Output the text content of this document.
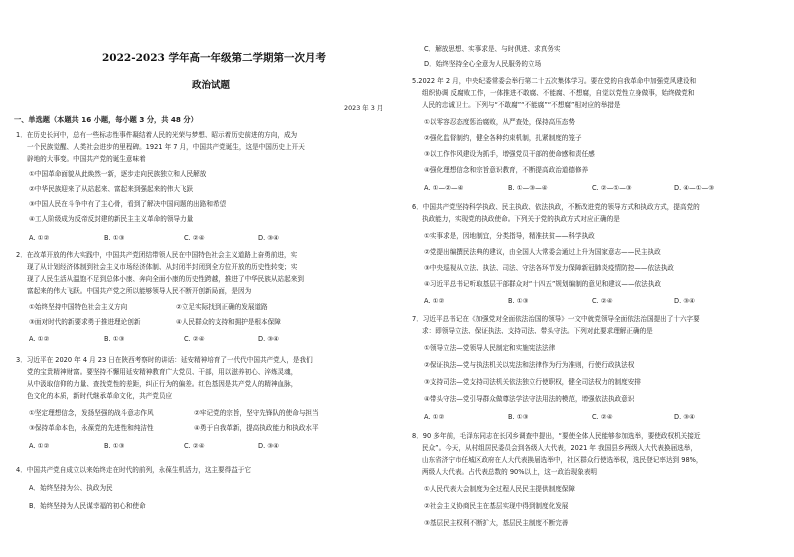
2022-2023 学年高一年级第二学期第一次月考
政治试题
2023 年 3 月
一、单选题（本题共 16 小题，每小题 3 分，共 48 分）
1．在历史长河中，总有一些标志性事件凝结着人民的光荣与梦想、昭示着历史前进的方向，成为
一个民族觉醒、人类社会进步的里程碑。1921 年 7 月，中国共产党诞生，这是中国历史上开天
辟地的大事变。中国共产党的诞生意味着
①中国革命面貌从此焕然一新，逐步走向民族独立和人民解放
②中华民族迎来了从站起来、富起来到强起来的伟大飞跃
③中国人民在斗争中有了主心骨，看到了解决中国问题的出路和希望
④工人阶级成为反帝反封建的新民主主义革命的领导力量
A. ①②	B. ①③	C. ②④	D. ③④
2．在改革开放的伟大实践中，中国共产党团结带领人民在中国特色社会主义道路上奋勇前进，实
现了从计划经济体制到社会主义市场经济体制、从封闭半封闭到全方位开放的历史性转变；实
现了人民生活从温饱不足到总体小康、奔向全面小康的历史性跨越，推进了中华民族从站起来到
富起来的伟大飞跃。中国共产党之所以能够领导人民不断开创新局面，是因为
①始终坚持中国特色社会主义方向	②立足实际找到正确的发展道路
③面对时代的新要求勇于推进理论创新	④人民群众的支持和拥护是根本保障
A. ①②	B. ①③	C. ②④	D. ③④
3．习近平在 2020 年 4 月 23 日在陕西考察时的讲话：延安精神培育了一代代中国共产党人，是我们
党的宝贵精神财富。要坚持不懈用延安精神教育广大党员、干部，用以滋养初心、淬炼灵魂，
从中汲取信仰的力量、查找党性的差距，纠正行为的偏差。红色基因是共产党人的精神血脉，
色文化的本质，新时代继承革命文化，共产党员应
①坚定理想信念，发扬坚强的战斗意志作风	②牢记党的宗旨，坚守先锋队的使命与担当
③保持革命本色，永葆党的先进性和纯洁性	④勇于自我革新，提高执政能力和执政水平
A. ①②	B. ①③	C. ②④	D. ③④
4．中国共产党自成立以来始终走在时代的前列，永葆生机活力，这主要得益于它
A．始终坚持为公、执政为民
B．始终坚持为人民谋幸福的初心和使命
C．解放思想、实事求是、与时俱进、求真务实
D．始终坚持全心全意为人民服务的立场
5.2022 年 2 月，中央纪委常委会举行第二十五次集体学习。要在党的自我革命中加强党风建设和
组织协调 反腐败工作，一体推进不敢腐、不能腐、不想腐，自觉以党性立身做事，始终做党和
人民的忠诚卫士。下列与“不敢腐”“不能腐”“不想腐”相对应的举措是
①以零容忍态度惩治腐败，从严查处，保持高压态势
②强化监督制约，健全各种约束机制，扎紧制度的笼子
③以工作作风建设为抓手，增强党员干部的使命感和责任感
④强化理想信念和宗旨意识教育，不断提高政治道德修养
A. ①—②—④	B. ①—③—④	C. ②—①—③	D. ④—①—③
6．中国共产党坚持科学执政、民主执政、依法执政，不断改进党的领导方式和执政方式，提高党的
执政能力，实现党的执政使命。下列关于党的执政方式对应正确的是
①实事求是，因地制宜，分类指导，精准扶贫——科学执政
②党提出编撰民法典的建议，由全国人大常委会通过上升为国家意志——民主执政
③中央巡视从立法、执法、司法、守法各环节发力保障新冠肺炎疫情防控——依法执政
④习近平总书记听取基层干部群众对“十四五”规划编制的意见和建议——依法执政
A. ①②	B. ①③	C. ②④	D. ③④
7．习近平总书记在《加强党对全面依法治国的领导》一文中就党领导全面依法治国提出了十六字要
求：即领导立法、保证执法、支持司法、带头守法。下列对此要求理解正确的是
①领导立法—党领导人民制定和实施宪法法律
②保证执法—党与执法机关以宪法和法律作为行为准则，行使行政执法权
③支持司法—党支持司法机关依法独立行使职权，健全司法权力的制度安排
④带头守法—党引导群众做尊法学法守法用法的模范，增强依法执政意识
A. ①②	B. ①③	C. ②④	D. ③④
8．90 多年前，毛泽东同志在长冈乡调查中提出，“要使全体人民能够参加选举，要使政权机关接近
民众”。今天，从村组居民委员会到各级人大代表，2021 年 我国县乡两级人大代表换届选举，
山东省济宁市任城区政府在人大代表换届选举中，社区群众行使选举权，选民登记率达到 98%，
两级人大代表。占代表总数的 90%以上，这一政治现象表明
①人民代表大会制度为全过程人民民主提供制度保障
②社会主义协商民主在基层实现中得到制度化发展
③基层民主权利不断扩大，基层民主制度不断完善
